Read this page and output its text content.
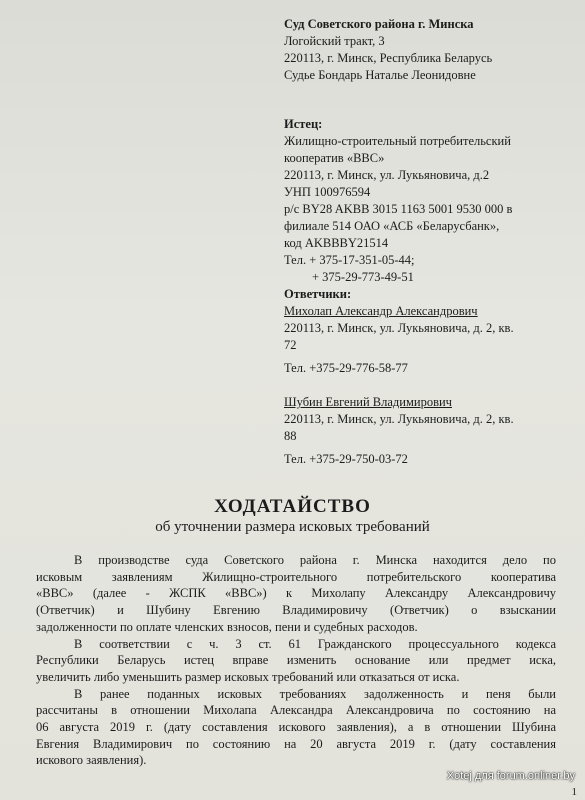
Суд Советского района г. Минска
Логойский тракт, 3
220113, г. Минск, Республика Беларусь
Судье Бондарь Наталье Леонидовне
Истец:
Жилищно-строительный потребительский
кооператив «ВВС»
220113, г. Минск, ул. Лукьяновича, д.2
УНП 100976594
р/с BY28 AKBB 3015 1163 5001 9530 000 в
филиале 514 ОАО «АСБ «Беларусбанк»,
код AKBBBY21514
Тел. + 375-17-351-05-44;
+ 375-29-773-49-51
Ответчики:
Михолап Александр Александрович
220113, г. Минск, ул. Лукьяновича, д. 2, кв.
72
Тел. +375-29-776-58-77
Шубин Евгений Владимирович
220113, г. Минск, ул. Лукьяновича, д. 2, кв.
88
Тел. +375-29-750-03-72
ХОДАТАЙСТВО
об уточнении размера исковых требований
В производстве суда Советского района г. Минска находится дело по
исковым заявлениям Жилищно-строительного потребительского кооператива
«ВВС» (далее - ЖСПК «ВВС») к Михолапу Александру Александровичу
(Ответчик) и Шубину Евгению Владимировичу (Ответчик) о взыскании
задолженности по оплате членских взносов, пени и судебных расходов.
В соответствии с ч. 3 ст. 61 Гражданского процессуального кодекса
Республики Беларусь истец вправе изменить основание или предмет иска,
увеличить либо уменьшить размер исковых требований или отказаться от иска.
В ранее поданных исковых требованиях задолженность и пеня были
рассчитаны в отношении Михолапа Александра Александровича по состоянию на
06 августа 2019 г. (дату составления искового заявления), а в отношении Шубина
Евгения Владимирович по состоянию на 20 августа 2019 г. (дату составления
искового заявления).
Xotej для forum.onliner.by
1
